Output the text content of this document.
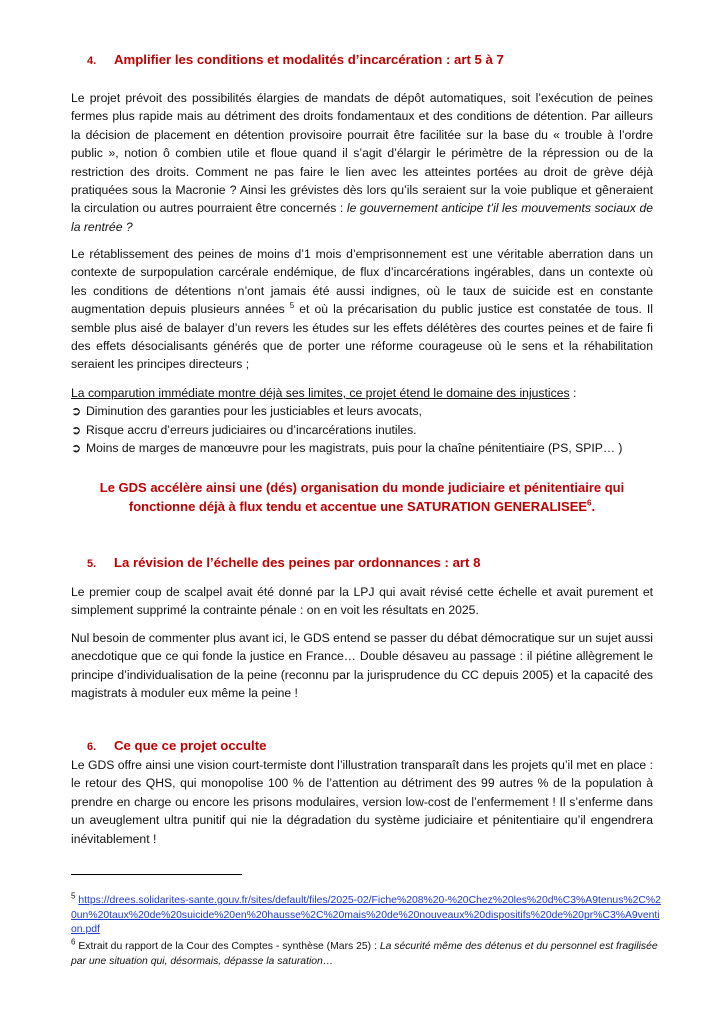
4. Amplifier les conditions et modalités d’incarcération : art 5 à 7
Le projet prévoit des possibilités élargies de mandats de dépôt automatiques, soit l’exécution de peines fermes plus rapide mais au détriment des droits fondamentaux et des conditions de détention. Par ailleurs la décision de placement en détention provisoire pourrait être facilitée sur la base du « trouble à l’ordre public », notion ô combien utile et floue quand il s’agit d’élargir le périmètre de la répression ou de la restriction des droits. Comment ne pas faire le lien avec les atteintes portées au droit de grève déjà pratiquées sous la Macronie ? Ainsi les grévistes dès lors qu’ils seraient sur la voie publique et gêneraient la circulation ou autres pourraient être concernés : le gouvernement anticipe t’il les mouvements sociaux de la rentrée ?
Le rétablissement des peines de moins d’1 mois d’emprisonnement est une véritable aberration dans un contexte de surpopulation carcérale endémique, de flux d’incarcérations ingérables, dans un contexte où les conditions de détentions n’ont jamais été aussi indignes, où le taux de suicide est en constante augmentation depuis plusieurs années $^5$ et où la précarisation du public justice est constatée de tous. Il semble plus aisé de balayer d’un revers les études sur les effets délétères des courtes peines et de faire fi des effets désocialisants générés que de porter une réforme courageuse où le sens et la réhabilitation seraient les principes directeurs ;
La comparution immédiate montre déjà ses limites, ce projet étend le domaine des injustices :
➲ Diminution des garanties pour les justiciables et leurs avocats,
➲ Risque accru d’erreurs judiciaires ou d’incarcérations inutiles.
➲ Moins de marges de manœuvre pour les magistrats, puis pour la chaîne pénitentiaire (PS, SPIP… )
Le GDS accélère ainsi une (dés) organisation du monde judiciaire et pénitentiaire qui
fonctionne déjà à flux tendu et accentue une SATURATION GENERALISEE$^6$.
5. La révision de l’échelle des peines par ordonnances : art 8
Le premier coup de scalpel avait été donné par la LPJ qui avait révisé cette échelle et avait purement et simplement supprimé la contrainte pénale : on en voit les résultats en 2025.
Nul besoin de commenter plus avant ici, le GDS entend se passer du débat démocratique sur un sujet aussi anecdotique que ce qui fonde la justice en France… Double désaveu au passage : il piétine allègrement le principe d’individualisation de la peine (reconnu par la jurisprudence du CC depuis 2005) et la capacité des magistrats à moduler eux même la peine !
6. Ce que ce projet occulte
Le GDS offre ainsi une vision court-termiste dont l’illustration transparaît dans les projets qu’il met en place : le retour des QHS, qui monopolise 100 % de l’attention au détriment des 99 autres % de la population à prendre en charge ou encore les prisons modulaires, version low-cost de l’enfermement ! Il s’enferme dans un aveuglement ultra punitif qui nie la dégradation du système judiciaire et pénitentiaire qu’il engendrera inévitablement !
$^5$ https://drees.solidarites-sante.gouv.fr/sites/default/files/2025-02/Fiche%208%20-%20Chez%20les%20d%C3%A9tenus%2C%20un%20taux%20de%20suicide%20en%20hausse%2C%20mais%20de%20nouveaux%20dispositifs%20de%20pr%C3%A9vention.pdf
$^6$ Extrait du rapport de la Cour des Comptes - synthèse (Mars 25) : La sécurité même des détenus et du personnel est fragilisée par une situation qui, désormais, dépasse la saturation…
